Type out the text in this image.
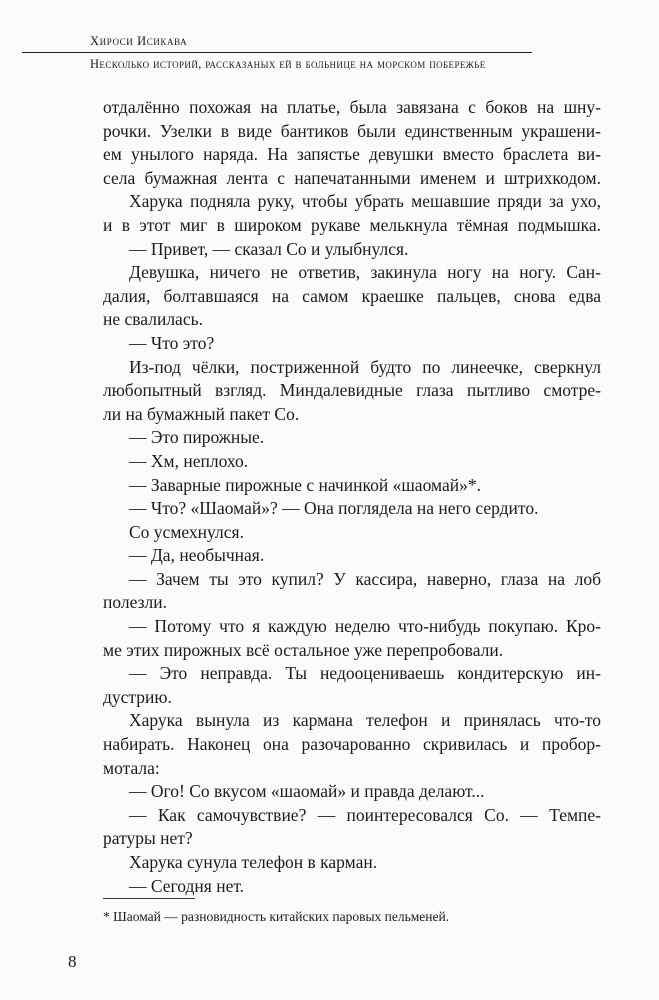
Хироси Исикава
Несколько историй, рассказаных ей в больнице на морском побережье
отдалённо похожая на платье, была завязана с боков на шну-
рочки. Узелки в виде бантиков были единственным украшени-
ем унылого наряда. На запястье девушки вместо браслета ви-
села бумажная лента с напечатанными именем и штрихкодом.
Харука подняла руку, чтобы убрать мешавшие пряди за ухо,
и в этот миг в широком рукаве мелькнула тёмная подмышка.
— Привет, — сказал Со и улыбнулся.
Девушка, ничего не ответив, закинула ногу на ногу. Сан-
далия, болтавшаяся на самом краешке пальцев, снова едва
не свалилась.
— Что это?
Из-под чёлки, постриженной будто по линеечке, сверкнул
любопытный взгляд. Миндалевидные глаза пытливо смотре-
ли на бумажный пакет Со.
— Это пирожные.
— Хм, неплохо.
— Заварные пирожные с начинкой «шаомай»*.
— Что? «Шаомай»? — Она поглядела на него сердито.
Со усмехнулся.
— Да, необычная.
— Зачем ты это купил? У кассира, наверно, глаза на лоб
полезли.
— Потому что я каждую неделю что-нибудь покупаю. Кро-
ме этих пирожных всё остальное уже перепробовали.
— Это неправда. Ты недооцениваешь кондитерскую ин-
дустрию.
Харука вынула из кармана телефон и принялась что-то
набирать. Наконец она разочарованно скривилась и пробор-
мотала:
— Ого! Со вкусом «шаомай» и правда делают...
— Как самочувствие? — поинтересовался Со. — Темпе-
ратуры нет?
Харука сунула телефон в карман.
— Сегодня нет.
* Шаомай — разновидность китайских паровых пельменей.
8
